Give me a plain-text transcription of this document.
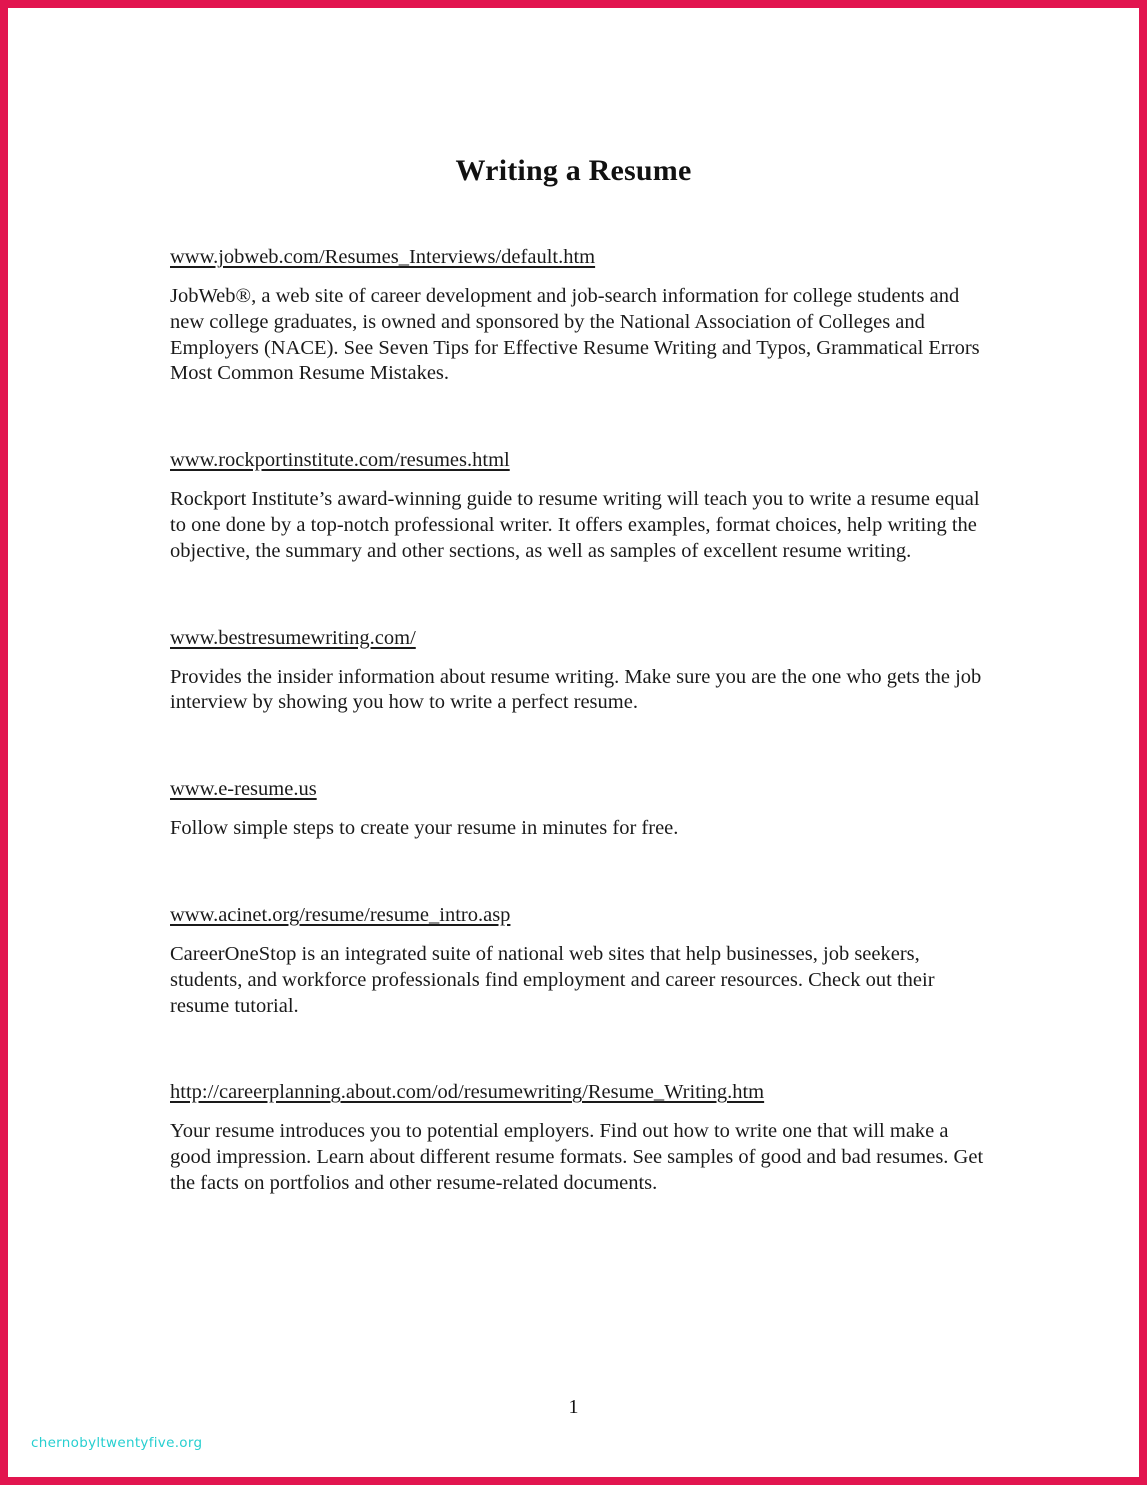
Writing a Resume
www.jobweb.com/Resumes_Interviews/default.htm

JobWeb®, a web site of career development and job-search information for college students and new college graduates, is owned and sponsored by the National Association of Colleges and Employers (NACE). See Seven Tips for Effective Resume Writing and Typos, Grammatical Errors Most Common Resume Mistakes.

www.rockportinstitute.com/resumes.html

Rockport Institute’s award-winning guide to resume writing will teach you to write a resume equal to one done by a top-notch professional writer. It offers examples, format choices, help writing the objective, the summary and other sections, as well as samples of excellent resume writing.

www.bestresumewriting.com/

Provides the insider information about resume writing. Make sure you are the one who gets the job interview by showing you how to write a perfect resume.

www.e-resume.us

Follow simple steps to create your resume in minutes for free.

www.acinet.org/resume/resume_intro.asp

CareerOneStop is an integrated suite of national web sites that help businesses, job seekers, students, and workforce professionals find employment and career resources. Check out their resume tutorial.

http://careerplanning.about.com/od/resumewriting/Resume_Writing.htm

Your resume introduces you to potential employers. Find out how to write one that will make a good impression. Learn about different resume formats. See samples of good and bad resumes. Get the facts on portfolios and other resume-related documents.

1
chernobyltwentyfive.org
